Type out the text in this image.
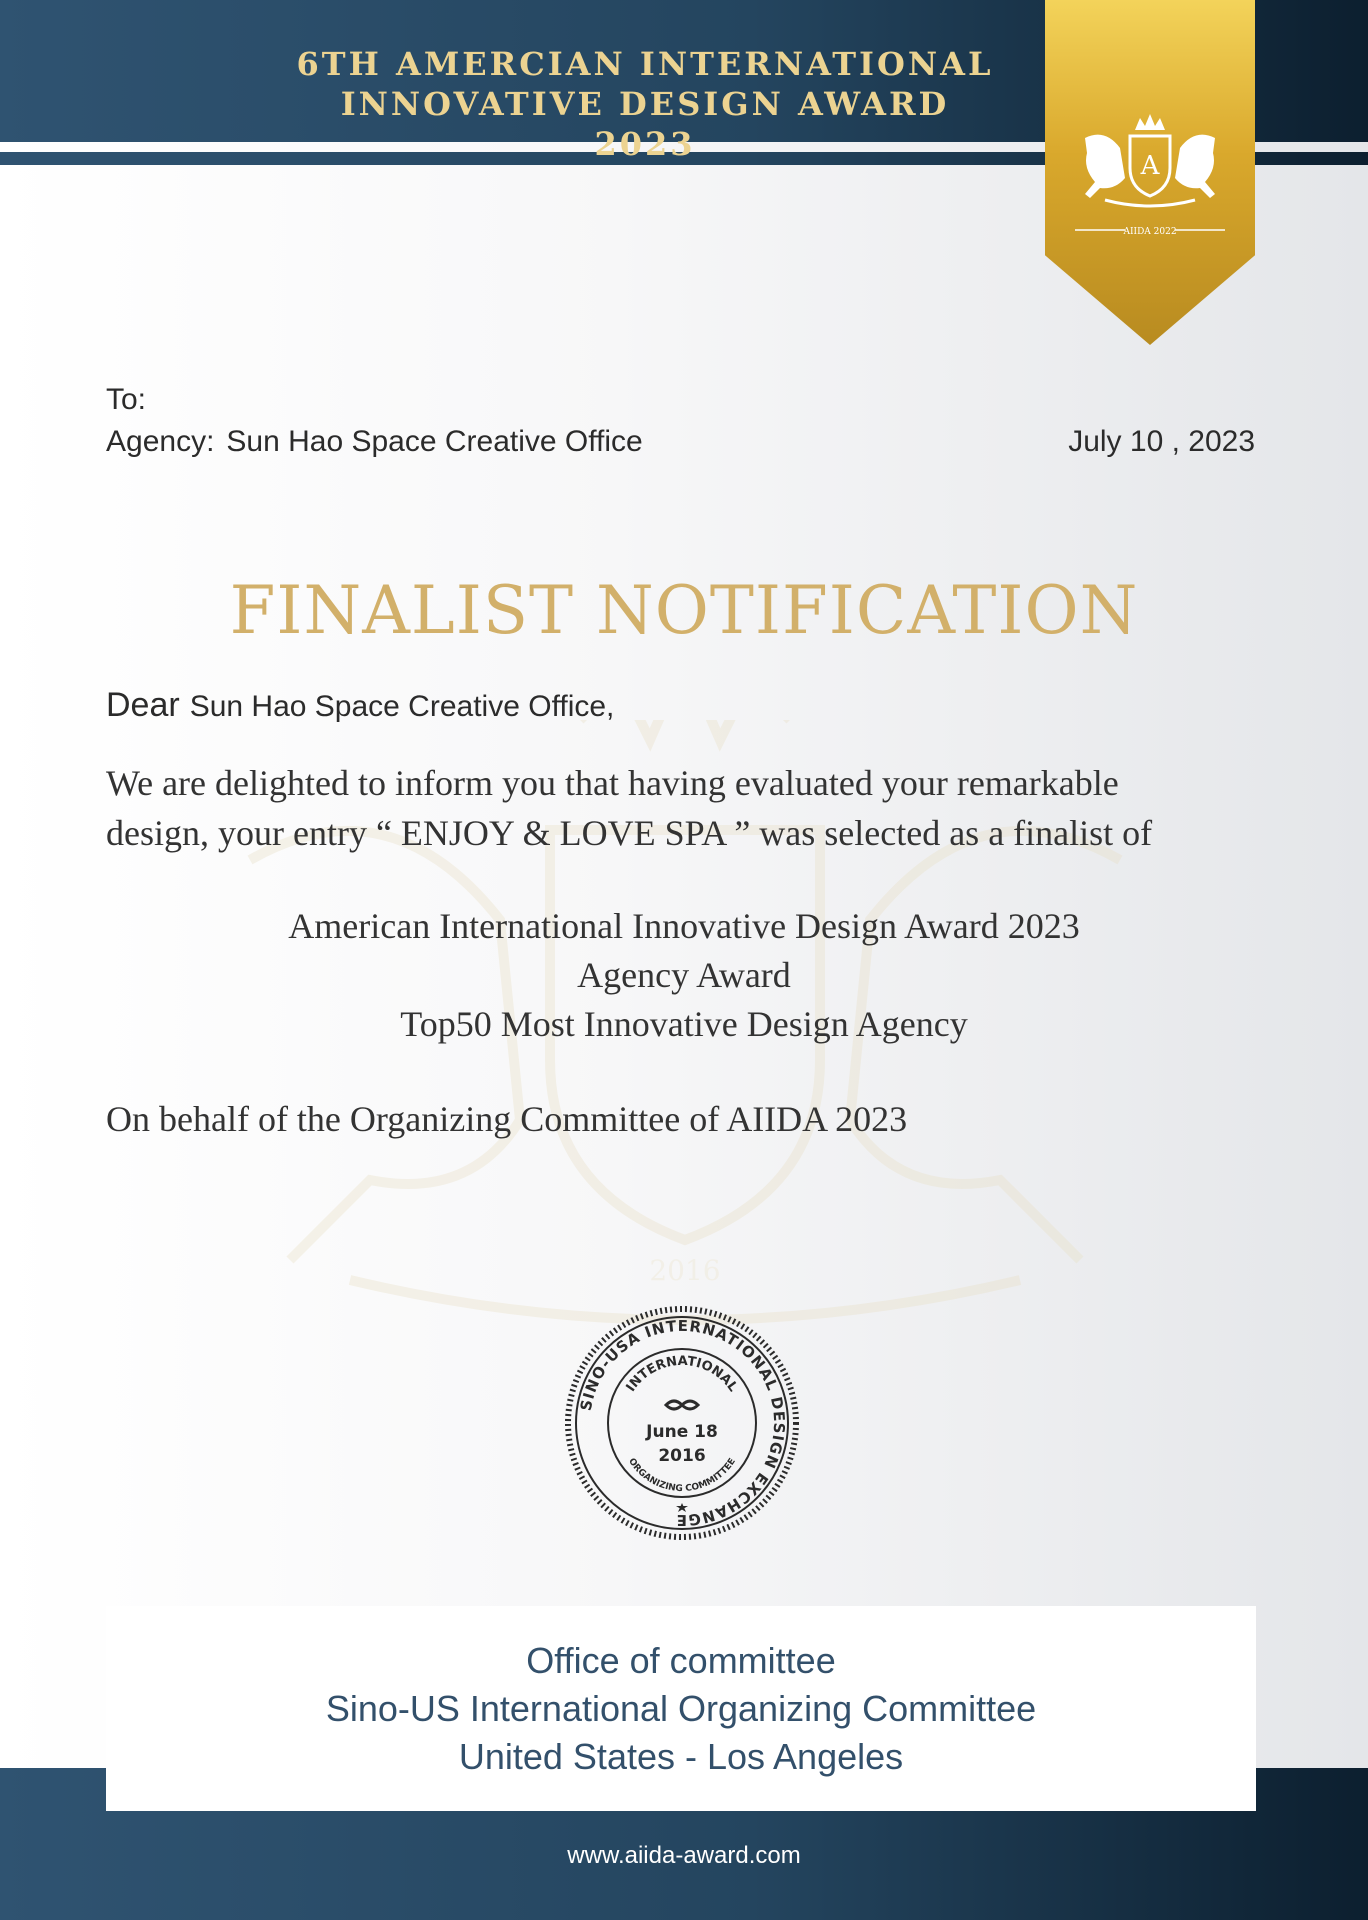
6TH AMERCIAN INTERNATIONAL
INNOVATIVE DESIGN AWARD 2023
A
AIIDA 2022
2016
To:
Agency: Sun Hao Space Creative Office	July 10 , 2023
FINALIST NOTIFICATION
Dear Sun Hao Space Creative Office,
We are delighted to inform you that having evaluated your remarkable
design, your entry “ ENJOY & LOVE SPA ” was selected as a finalist of
American International Innovative Design Award 2023
Agency Award
Top50 Most Innovative Design Agency
On behalf of the Organizing Committee of AIIDA 2023
SINO-USA INTERNATIONAL DESIGN EXCHANGE
INTERNATIONAL
ORGANIZING COMMITTEE
June 18
2016
Office of committee
Sino-US International Organizing Committee
United States - Los Angeles
www.aiida-award.com
